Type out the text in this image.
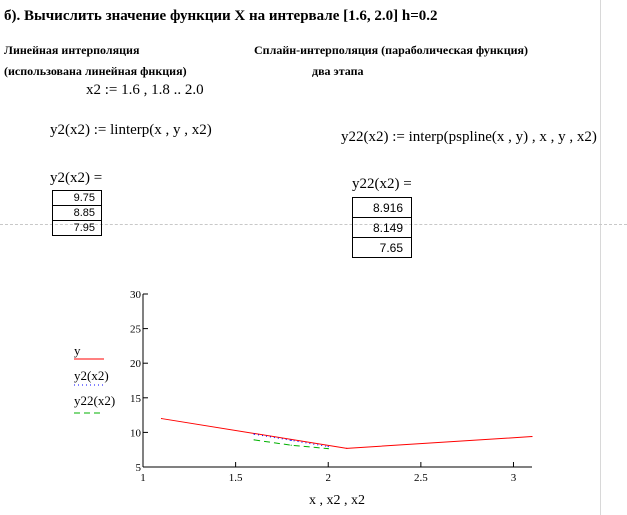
б). Вычислить значение функции X на интервале [1.6, 2.0] h=0.2
Линейная интерполяция
(использована линейная фнкция)
x2 := 1.6 , 1.8 .. 2.0
y2(x2) := linterp(x , y , x2)
y2(x2) =
9.75
8.85
7.95
Сплайн-интерполяция (параболическая функция)
два этапа
y22(x2) := interp(pspline(x , y) , x , y , x2)
y22(x2) =
8.916
8.149
7.65
y
y2(x2)
y22(x2)
1	1.5	2	2.5	3
5
10
15
20
25
30
x , x2 , x2
